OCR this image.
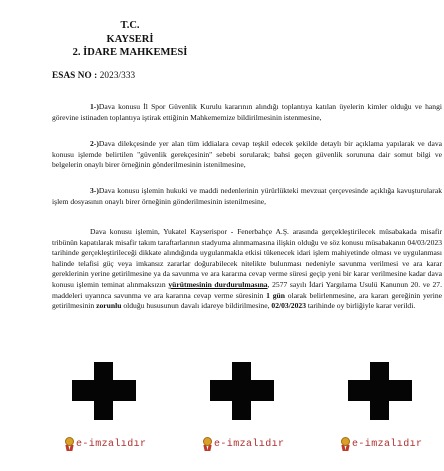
T.C.
KAYSERİ
2. İDARE MAHKEMESİ
ESAS NO : 2023/333
1-)Dava konusu İl Spor Güvenlik Kurulu kararının alındığı toplantıya katılan üyelerin kimler olduğu ve hangi görevine istinaden toplantıya iştirak ettiğinin Mahkememize bildirilmesinin istenmesine,
2-)Dava dilekçesinde yer alan tüm iddialara cevap teşkil edecek şekilde detaylı bir açıklama yapılarak ve dava konusu işlemde belirtilen "güvenlik gerekçesinin" sebebi sorularak; bahsi geçen güvenlik sorununa dair somut bilgi ve belgelerin onaylı birer örneğinin gönderilmesinin istenilmesine,
3-)Dava konusu işlemin hukuki ve maddi nedenlerinin yürürlükteki mevzuat çerçevesinde açıklığa kavuşturularak işlem dosyasının onaylı birer örneğinin gönderilmesinin istenilmesine,
Dava konusu işlemin, Yukatel Kayserispor - Fenerbahçe A.Ş. arasında gerçekleştirilecek müsabakada misafir tribünün kapatılarak misafir takım taraftarlarının stadyuma alınmamasına ilişkin olduğu ve söz konusu müsabakanın 04/03/2023 tarihinde gerçekleştirileceği dikkate alındığında uygulanmakla etkisi tükenecek idari işlem mahiyetinde olması ve uygulanması halinde telafisi güç veya imkansız zararlar doğurabilecek nitelikte bulunması nedeniyle savunma verilmesi ve ara karar gereklerinin yerine getirilmesine ya da savunma ve ara kararına cevap verme süresi geçip yeni bir karar verilmesine kadar dava konusu işlemin teminat alınmaksızın yürütmesinin durdurulmasına, 2577 sayılı İdari Yargılama Usulü Kanunun 20. ve 27. maddeleri uyarınca savunma ve ara kararına cevap verme süresinin 1 gün olarak belirlenmesine, ara kararı gereğinin yerine getirilmesinin zorunlu olduğu hususunun davalı idareye bildirilmesine, 02/03/2023 tarihinde oy birliğiyle karar verildi.
e-imzalıdır	e-imzalıdır	e-imzalıdır
